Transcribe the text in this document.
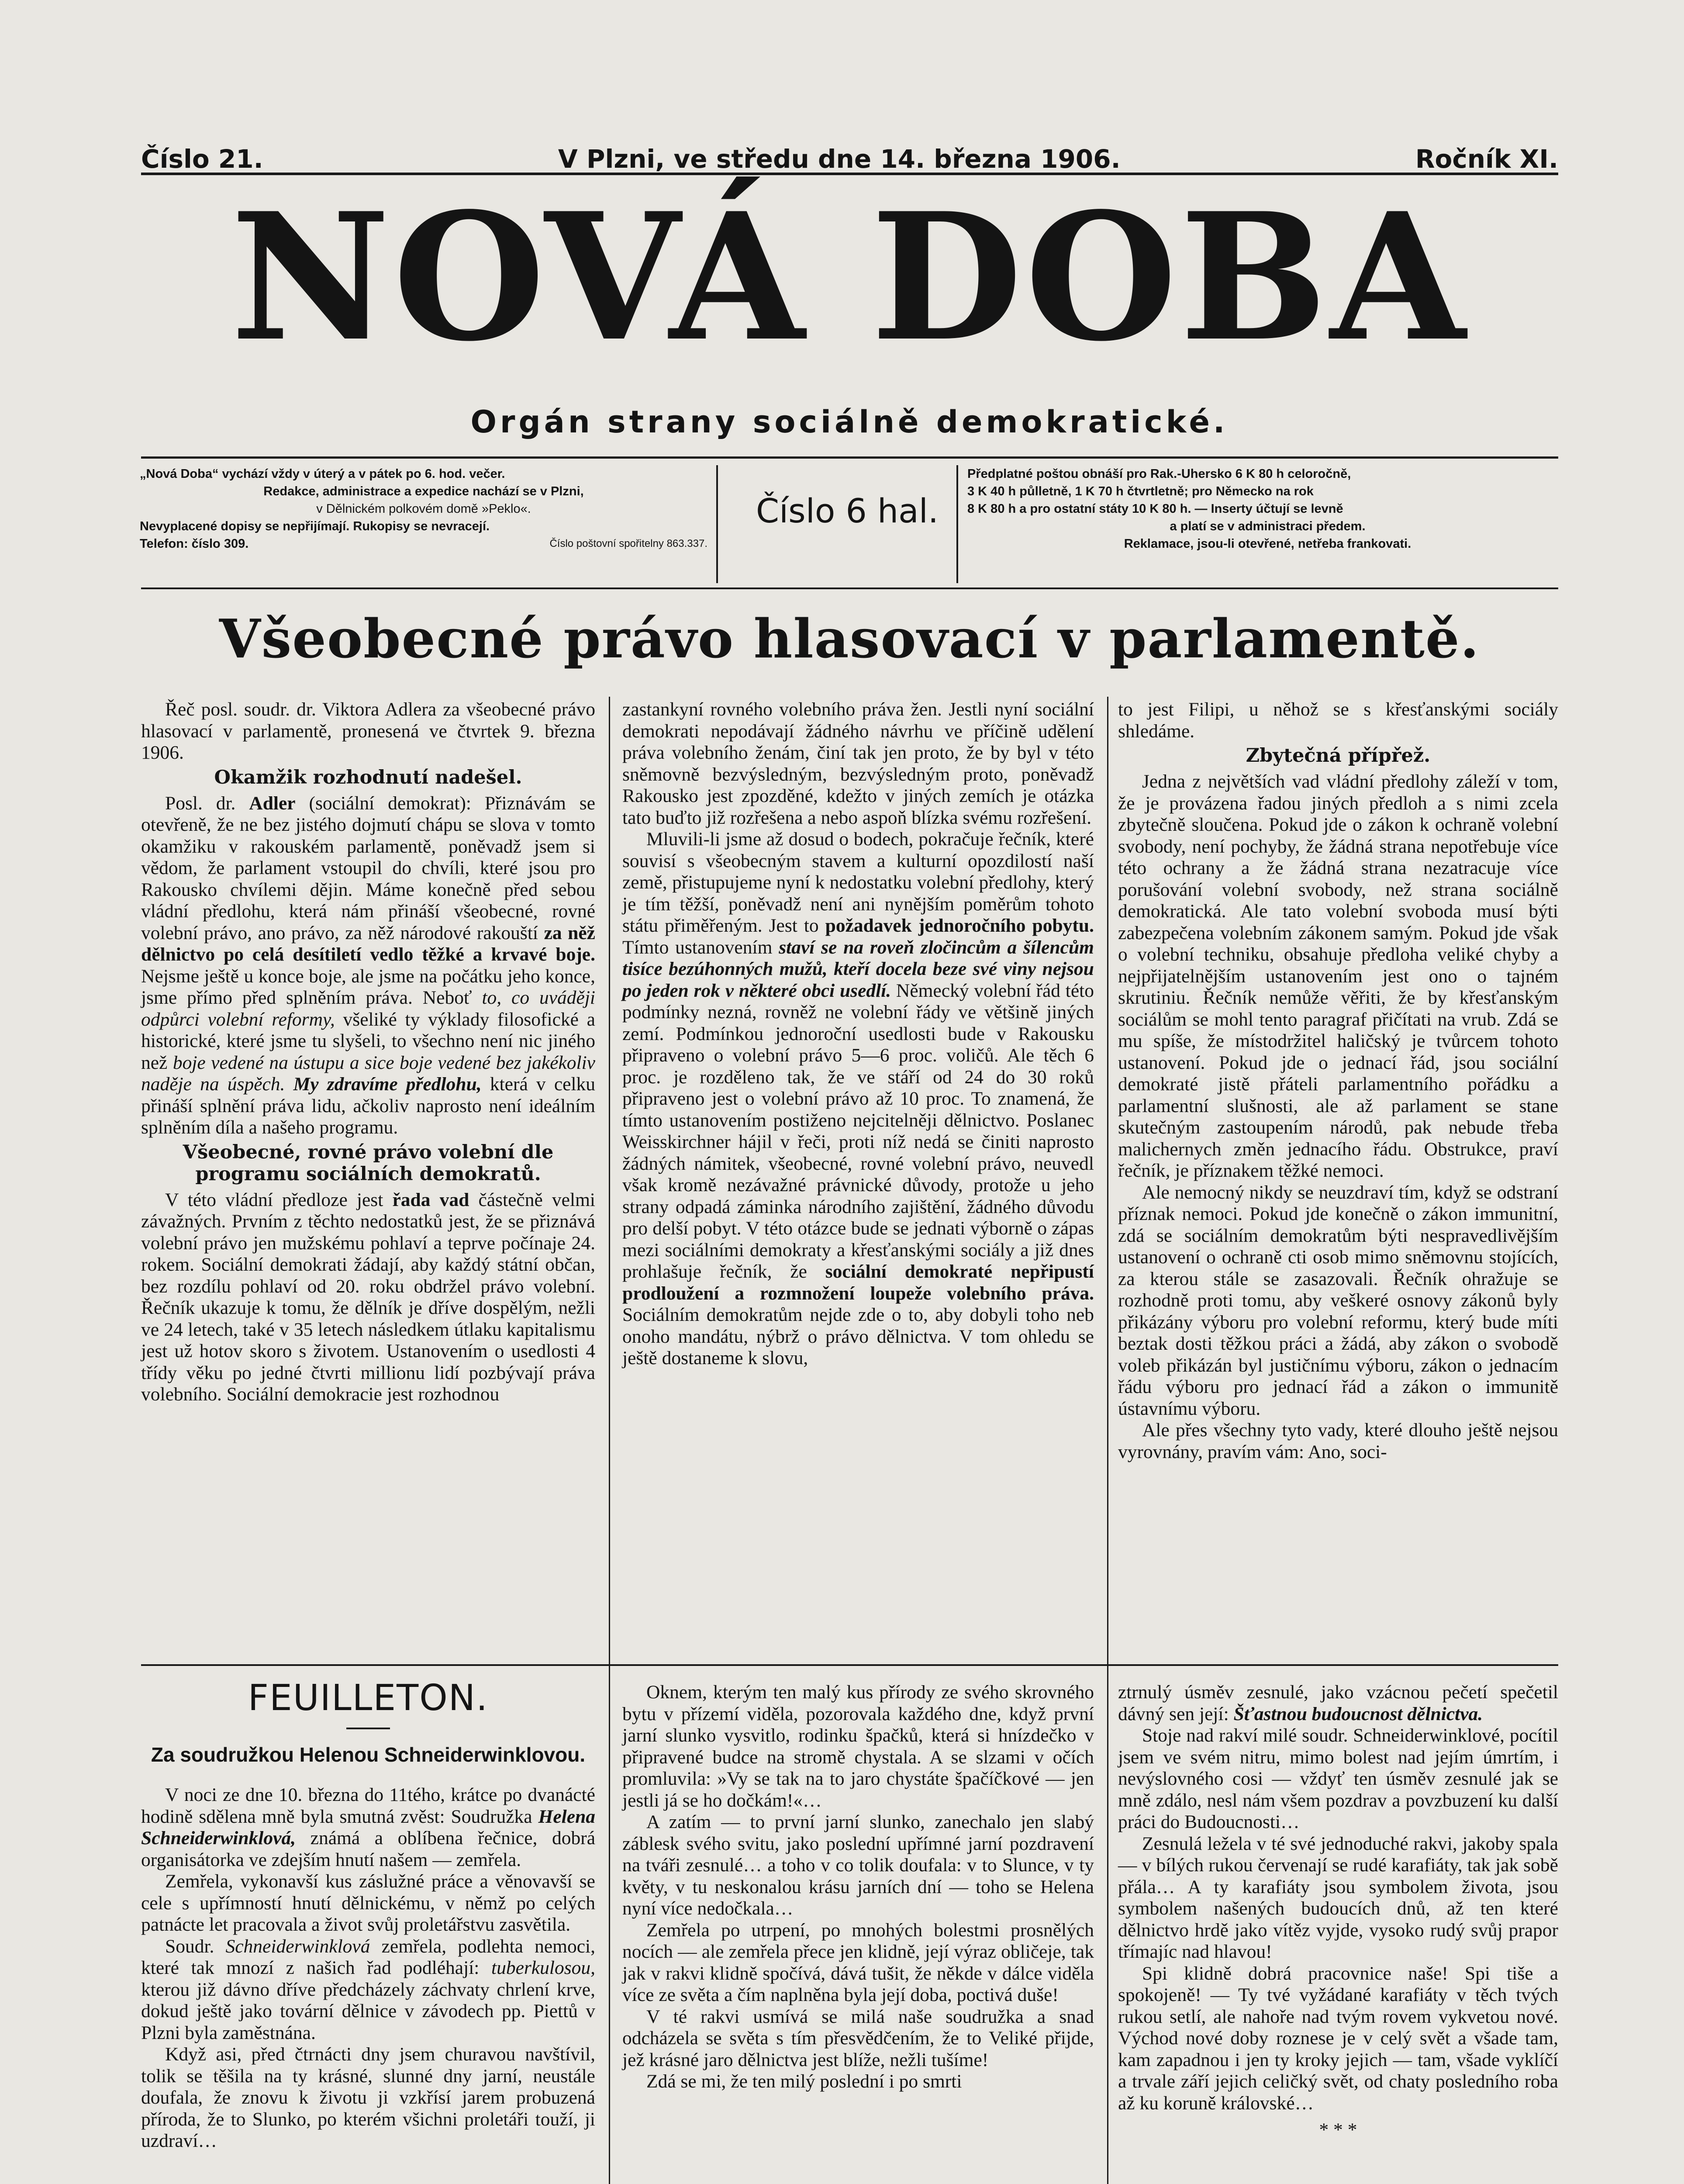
Číslo 21.	V Plzni, ve středu dne 14. března 1906.	Ročník XI.
NOVÁ DOBA
Orgán strany sociálně demokratické.
„Nová Doba“ vychází vždy v úterý a v pátek po 6. hod. večer.
Redakce, administrace a expedice nachází se v Plzni,
v Dělnickém polkovém domě »Peklo«.
Nevyplacené dopisy se nepřijímají. Rukopisy se nevracejí.
Telefon: číslo 309.	Číslo poštovní spořitelny 863.337.
Číslo 6 hal.
Předplatné poštou obnáší pro Rak.-Uhersko 6 K 80 h celoročně,
3 K 40 h půlletně, 1 K 70 h čtvrtletně; pro Německo na rok
8 K 80 h a pro ostatní státy 10 K 80 h. — Inserty účtují se levně
a platí se v administraci předem.
Reklamace, jsou-li otevřené, netřeba frankovati.
Všeobecné právo hlasovací v parlamentě.

Řeč posl. soudr. dr. Viktora Adlera za všeobecné právo hlasovací v parlamentě, pronesená ve čtvrtek 9. března 1906.

Okamžik rozhodnutí nadešel.

Posl. dr. Adler (sociální demokrat): Přiznávám se otevřeně, že ne bez jistého dojmutí chápu se slova v tomto okamžiku v rakouském parlamentě, poněvadž jsem si vědom, že parlament vstoupil do chvíli, které jsou pro Rakousko chvílemi dějin. Máme konečně před sebou vládní předlohu, která nám přináší všeobecné, rovné volební právo, ano právo, za něž národové rakouští za něž dělnictvo po celá desítiletí vedlo těžké a krvavé boje. Nejsme ještě u konce boje, ale jsme na počátku jeho konce, jsme přímo před splněním práva. Neboť to, co uváději odpůrci volební reformy, všeliké ty výklady filosofické a historické, které jsme tu slyšeli, to všechno není nic jiného než boje vedené na ústupu a sice boje vedené bez jakékoliv naděje na úspěch. My zdravíme předlohu, která v celku přináší splnění práva lidu, ačkoliv naprosto není ideálním splněním díla a našeho programu.

Všeobecné, rovné právo volební dle programu sociálních demokratů.

V této vládní předloze jest řada vad částečně velmi závažných. Prvním z těchto nedostatků jest, že se přiznává volební právo jen mužskému pohlaví a teprve počínaje 24. rokem. Sociální demokrati žádají, aby každý státní občan, bez rozdílu pohlaví od 20. roku obdržel právo volební. Řečník ukazuje k tomu, že dělník je dříve dospělým, nežli ve 24 letech, také v 35 letech následkem útlaku kapitalismu jest už hotov skoro s životem. Ustanovením o usedlosti 4 třídy věku po jedné čtvrti millionu lidí pozbývají práva volebního. Sociální demokracie jest rozhodnou

zastankyní rovného volebního práva žen. Jestli nyní sociální demokrati nepodávají žádného návrhu ve příčině udělení práva volebního ženám, činí tak jen proto, že by byl v této sněmovně bezvýsledným, bezvýsledným proto, poněvadž Rakousko jest zpozděné, kdežto v jiných zemích je otázka tato buďto již rozřešena a nebo aspoň blízka svému rozřešení.

Mluvili-li jsme až dosud o bodech, pokračuje řečník, které souvisí s všeobecným stavem a kulturní opozdilostí naší země, přistupujeme nyní k nedostatku volební předlohy, který je tím těžší, poněvadž není ani nynějším poměrům tohoto státu přiměřeným. Jest to požadavek jednoročního pobytu. Tímto ustanovením staví se na roveň zločincům a šílencům tisíce bezúhonných mužů, kteří docela beze své viny nejsou po jeden rok v některé obci usedlí. Německý volební řád této podmínky nezná, rovněž ne volební řády ve většině jiných zemí. Podmínkou jednoroční usedlosti bude v Rakousku připraveno o volební právo 5—6 proc. voličů. Ale těch 6 proc. je rozděleno tak, že ve stáří od 24 do 30 roků připraveno jest o volební právo až 10 proc. To znamená, že tímto ustanovením postiženo nejcitelněji dělnictvo. Poslanec Weisskirchner hájil v řeči, proti níž nedá se činiti naprosto žádných námitek, všeobecné, rovné volební právo, neuvedl však kromě nezávažné právnické důvody, protože u jeho strany odpadá záminka národního zajištění, žádného důvodu pro delší pobyt. V této otázce bude se jednati výborně o zápas mezi sociálními demokraty a křesťanskými sociály a již dnes prohlašuje řečník, že sociální demokraté nepřipustí prodloužení a rozmnožení loupeže volebního práva. Sociálním demokratům nejde zde o to, aby dobyli toho neb onoho mandátu, nýbrž o právo dělnictva. V tom ohledu se ještě dostaneme k slovu,

to jest Filipi, u něhož se s křesťanskými sociály shledáme.

Zbytečná přípřež.

Jedna z největších vad vládní předlohy záleží v tom, že je provázena řadou jiných předloh a s nimi zcela zbytečně sloučena. Pokud jde o zákon k ochraně volební svobody, není pochyby, že žádná strana nepotřebuje více této ochrany a že žádná strana nezatracuje více porušování volební svobody, než strana sociálně demokratická. Ale tato volební svoboda musí býti zabezpečena volebním zákonem samým. Pokud jde však o volební techniku, obsahuje předloha veliké chyby a nejpřijatelnějším ustanovením jest ono o tajném skrutiniu. Řečník nemůže věřiti, že by křesťanským sociálům se mohl tento paragraf přičítati na vrub. Zdá se mu spíše, že místodržitel haličský je tvůrcem tohoto ustanovení. Pokud jde o jednací řád, jsou sociální demokraté jistě přáteli parlamentního pořádku a parlamentní slušnosti, ale až parlament se stane skutečným zastoupením národů, pak nebude třeba malichernych změn jednacího řádu. Obstrukce, praví řečník, je příznakem těžké nemoci.

Ale nemocný nikdy se neuzdraví tím, když se odstraní příznak nemoci. Pokud jde konečně o zákon immunitní, zdá se sociálním demokratům býti nespravedlivějším ustanovení o ochraně cti osob mimo sněmovnu stojících, za kterou stále se zasazovali. Řečník ohražuje se rozhodně proti tomu, aby veškeré osnovy zákonů byly přikázány výboru pro volební reformu, který bude míti beztak dosti těžkou práci a žádá, aby zákon o svobodě voleb přikázán byl justičnímu výboru, zákon o jednacím řádu výboru pro jednací řád a zákon o immunitě ústavnímu výboru.

Ale přes všechny tyto vady, které dlouho ještě nejsou vyrovnány, pravím vám: Ano, soci-

FEUILLETON.
Za soudružkou Helenou Schneiderwinklovou.

V noci ze dne 10. března do 11tého, krátce po dvanácté hodině sdělena mně byla smutná zvěst: Soudružka Helena Schneiderwinklová, známá a oblíbena řečnice, dobrá organisátorka ve zdejším hnutí našem — zemřela.

Zemřela, vykonavší kus záslužné práce a věnovavší se cele s upřímností hnutí dělnickému, v němž po celých patnácte let pracovala a život svůj proletářstvu zasvětila.

Soudr. Schneiderwinklová zemřela, podlehta nemoci, které tak mnozí z našich řad podléhají: tuberkulosou, kterou již dávno dříve předcházely záchvaty chrlení krve, dokud ještě jako tovární dělnice v závodech pp. Piettů v Plzni byla zaměstnána.

Když asi, před čtrnácti dny jsem churavou navštívil, tolik se těšila na ty krásné, slunné dny jarní, neustále doufala, že znovu k životu ji vzkřísí jarem probuzená příroda, že to Slunko, po kterém všichni proletáři touží, ji uzdraví…

Oknem, kterým ten malý kus přírody ze svého skrovného bytu v přízemí viděla, pozorovala každého dne, když první jarní slunko vysvitlo, rodinku špačků, která si hnízdečko v připravené budce na stromě chystala. A se slzami v očích promluvila: »Vy se tak na to jaro chystáte špačíčkové — jen jestli já se ho dočkám!«…

A zatím — to první jarní slunko, zanechalo jen slabý záblesk svého svitu, jako poslední upřímné jarní pozdravení na tváři zesnulé… a toho v co tolik doufala: v to Slunce, v ty květy, v tu neskonalou krásu jarních dní — toho se Helena nyní více nedočkala…

Zemřela po utrpení, po mnohých bolestmi prosnělých nocích — ale zemřela přece jen klidně, její výraz obličeje, tak jak v rakvi klidně spočívá, dává tušit, že někde v dálce viděla více ze světa a čím naplněna byla její doba, poctivá duše!

V té rakvi usmívá se milá naše soudružka a snad odcházela se světa s tím přesvědčením, že to Veliké přijde, jež krásné jaro dělnictva jest blíže, nežli tušíme!

Zdá se mi, že ten milý poslední i po smrti

ztrnulý úsměv zesnulé, jako vzácnou pečetí spečetil dávný sen její: Šťastnou budoucnost dělnictva.

Stoje nad rakví milé soudr. Schneiderwinklové, pocítil jsem ve svém nitru, mimo bolest nad jejím úmrtím, i nevýslovného cosi — vždyť ten úsměv zesnulé jak se mně zdálo, nesl nám všem pozdrav a povzbuzení ku další práci do Budoucnosti…

Zesnulá ležela v té své jednoduché rakvi, jakoby spala — v bílých rukou červenají se rudé karafiáty, tak jak sobě přála… A ty karafiáty jsou symbolem života, jsou symbolem našených budoucích dnů, až ten které dělnictvo hrdě jako vítěz vyjde, vysoko rudý svůj prapor třímajíc nad hlavou!

Spi klidně dobrá pracovnice naše! Spi tiše a spokojeně! — Ty tvé vyžádané karafiáty v těch tvých rukou setlí, ale nahoře nad tvým rovem vykvetou nové. Východ nové doby roznese je v celý svět a všade tam, kam zapadnou i jen ty kroky jejich — tam, všade vyklíčí a trvale září jejich celičký svět, od chaty posledního roba až ku koruně královské…

* * *
